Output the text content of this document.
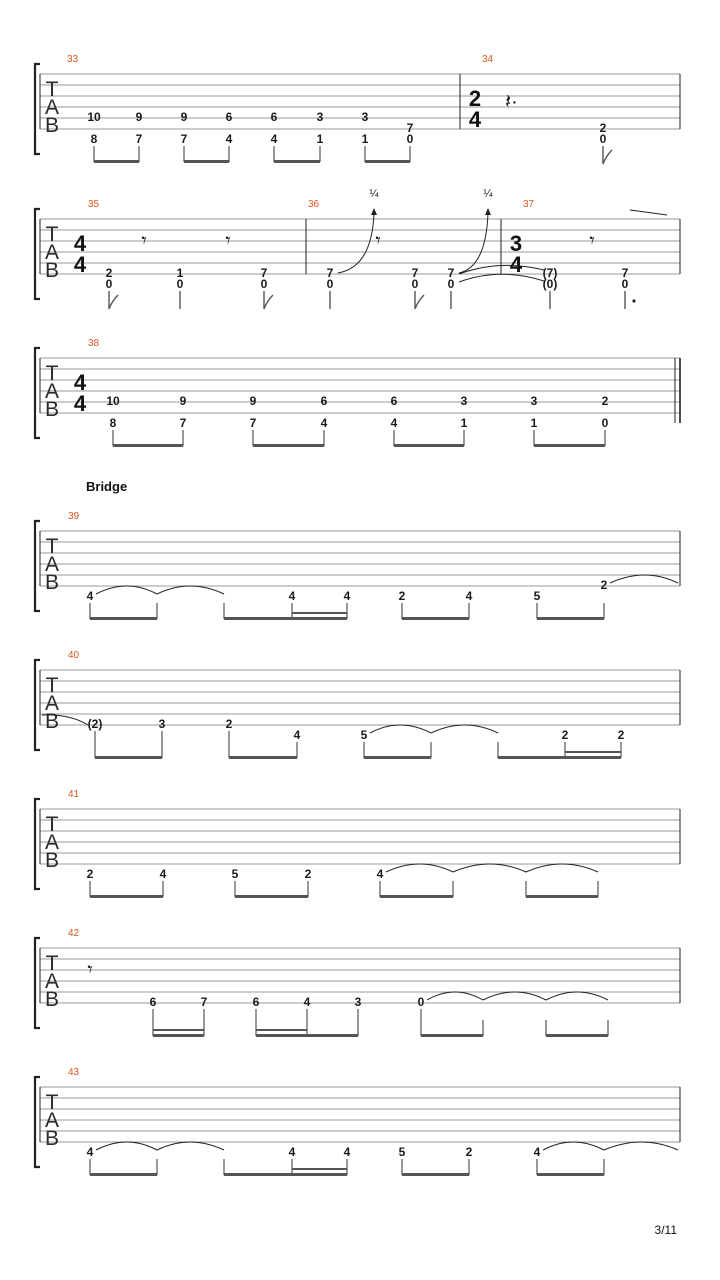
T
A
B
33	34
10
8
9
7
9
7
6
4
6
4
3
1
3
1
7
0
2
4
𝄽·
2
0
T
A
B
35	36	37
4
4
𝄾	𝄾	𝄾	𝄾
2
0
1
0
7
0
7
0
7
0
7
0
3
4 (7)
(0)
7
0
¼	¼
T
A
B
38
4
4 10
8
9
7
9
7
6
4
6
4
3
1
3
1
2
0
Bridge
T
A
B
39
4	4	4	2	4	5
2
T
A
B
40
(2)	3	2
4	5	2	2
T
A
B
41
2	4	5	2	4
T
A
B
42
𝄾
6	7	6	4	3	0
T
A
B
43
4	4	4	5	2	4
3/11
